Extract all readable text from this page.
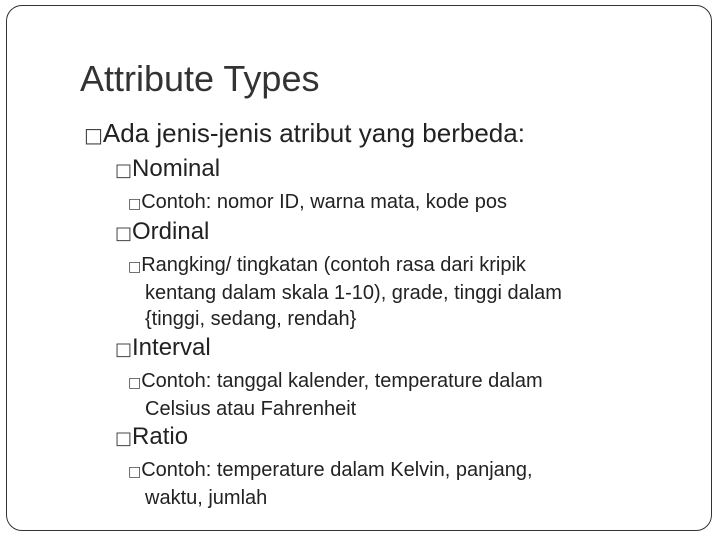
Attribute Types
□Ada jenis-jenis atribut yang berbeda:
□Nominal
□Contoh: nomor ID, warna mata, kode pos
□Ordinal
□Rangking/ tingkatan (contoh rasa dari kripik
kentang dalam skala 1-10), grade, tinggi dalam
{tinggi, sedang, rendah}
□Interval
□Contoh: tanggal kalender, temperature dalam
Celsius atau Fahrenheit
□Ratio
□Contoh: temperature dalam Kelvin, panjang,
waktu, jumlah
